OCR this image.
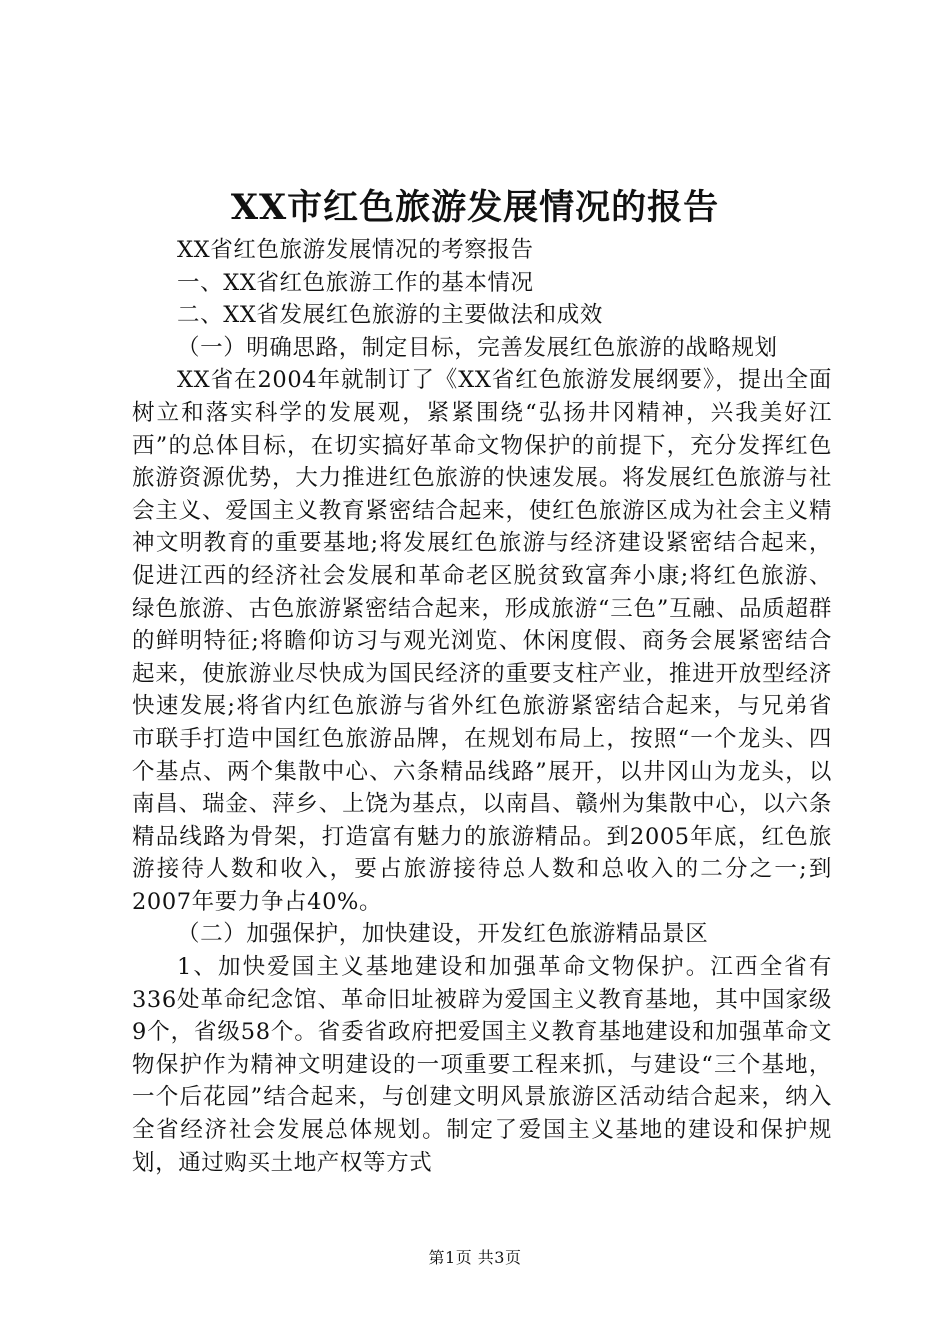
XX市红色旅游发展情况的报告

XX省红色旅游发展情况的考察报告

一、XX省红色旅游工作的基本情况

二、XX省发展红色旅游的主要做法和成效

（一）明确思路，制定目标，完善发展红色旅游的战略规划

XX省在2004年就制订了《XX省红色旅游发展纲要》，提出全面树立和落实科学的发展观，紧紧围绕“弘扬井冈精神，兴我美好江西”的总体目标，在切实搞好革命文物保护的前提下，充分发挥红色旅游资源优势，大力推进红色旅游的快速发展。将发展红色旅游与社会主义、爱国主义教育紧密结合起来，使红色旅游区成为社会主义精神文明教育的重要基地;将发展红色旅游与经济建设紧密结合起来，促进江西的经济社会发展和革命老区脱贫致富奔小康;将红色旅游、绿色旅游、古色旅游紧密结合起来，形成旅游“三色”互融、品质超群的鲜明特征;将瞻仰访习与观光浏览、休闲度假、商务会展紧密结合起来，使旅游业尽快成为国民经济的重要支柱产业，推进开放型经济快速发展;将省内红色旅游与省外红色旅游紧密结合起来，与兄弟省市联手打造中国红色旅游品牌，在规划布局上，按照“一个龙头、四个基点、两个集散中心、六条精品线路”展开，以井冈山为龙头，以南昌、瑞金、萍乡、上饶为基点，以南昌、赣州为集散中心，以六条精品线路为骨架，打造富有魅力的旅游精品。到2005年底，红色旅游接待人数和收入，要占旅游接待总人数和总收入的二分之一;到2007年要力争占40%。

（二）加强保护，加快建设，开发红色旅游精品景区

1、加快爱国主义基地建设和加强革命文物保护。江西全省有336处革命纪念馆、革命旧址被辟为爱国主义教育基地，其中国家级9个，省级58个。省委省政府把爱国主义教育基地建设和加强革命文物保护作为精神文明建设的一项重要工程来抓，与建设“三个基地，一个后花园”结合起来，与创建文明风景旅游区活动结合起来，纳入全省经济社会发展总体规划。制定了爱国主义基地的建设和保护规划，通过购买土地产权等方式

第1页 共3页
